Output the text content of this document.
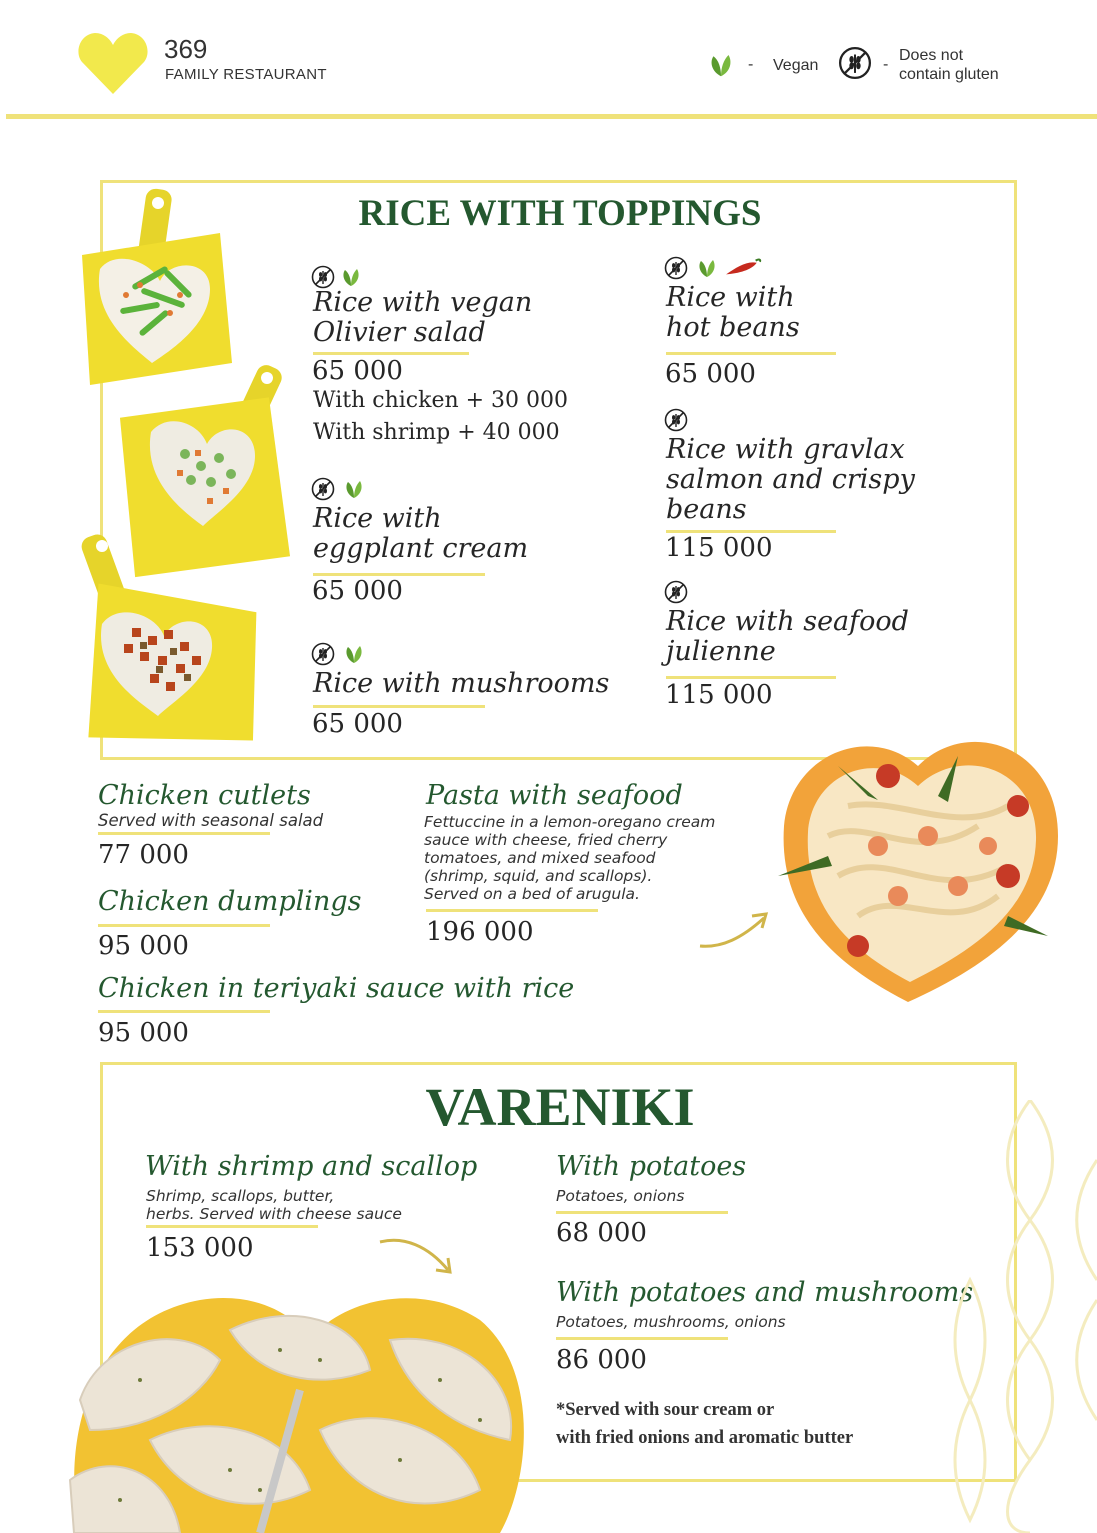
369
FAMILY RESTAURANT
- Vegan	-
Does not
contain gluten
RICE WITH TOPPINGS
Rice with vegan
Olivier salad
65 000
With chicken + 30 000
With shrimp + 40 000
Rice with
eggplant cream
65 000
Rice with mushrooms
65 000
Rice with
hot beans
65 000
Rice with gravlax
salmon and crispy
beans
115 000
Rice with seafood
julienne
115 000
Chicken cutlets
Served with seasonal salad
77 000
Chicken dumplings
95 000
Chicken in teriyaki sauce with rice
95 000
Pasta with seafood
Fettuccine in a lemon-oregano cream
sauce with cheese, fried cherry
tomatoes, and mixed seafood
(shrimp, squid, and scallops).
Served on a bed of arugula.
196 000
VARENIKI
With shrimp and scallop
Shrimp, scallops, butter,
herbs. Served with cheese sauce
153 000
With potatoes
Potatoes, onions
68 000
With potatoes and mushrooms
Potatoes, mushrooms, onions
86 000
*Served with sour cream or
with fried onions and aromatic butter
